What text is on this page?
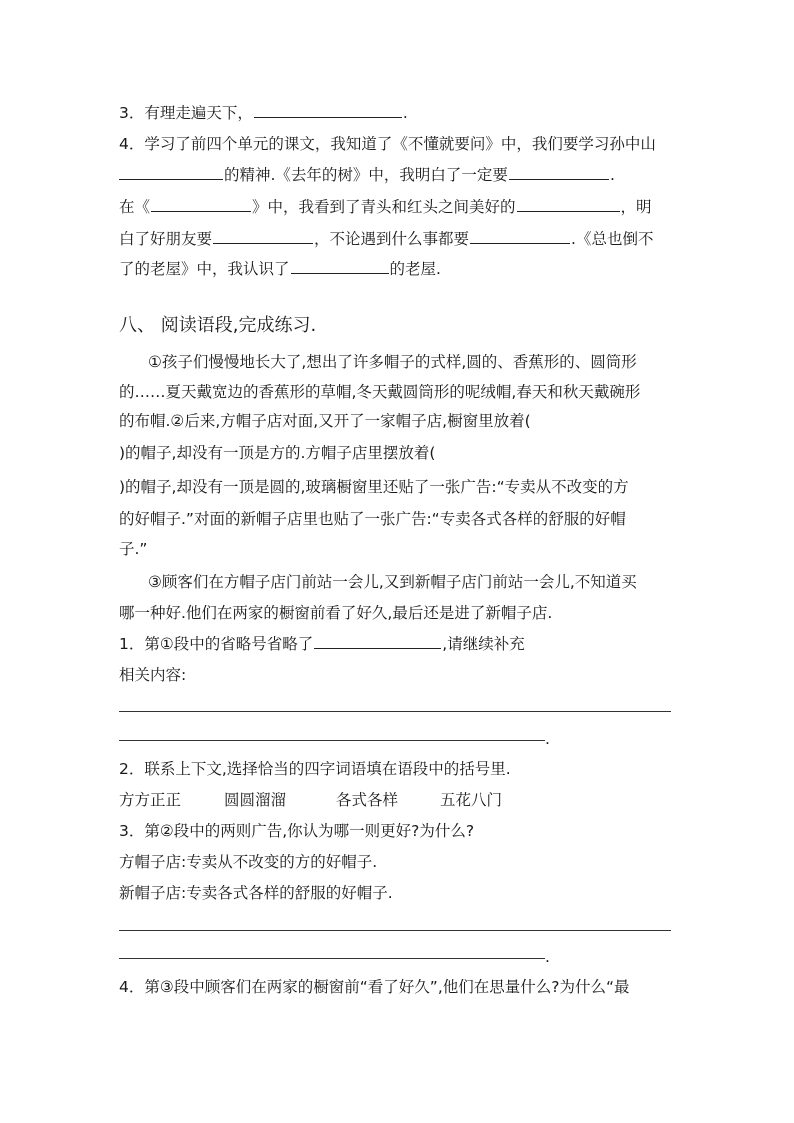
3．有理走遍天下，	.
4．学习了前四个单元的课文，我知道了《不懂就要问》中，我们要学习孙中山
的精神.《去年的树》中，我明白了一定要	.
在《	》中，我看到了青头和红头之间美好的	，明
白了好朋友要	，不论遇到什么事都要	.《总也倒不
了的老屋》中，我认识了	的老屋.
八、 阅读语段,完成练习.
①孩子们慢慢地长大了,想出了许多帽子的式样,圆的、香蕉形的、圆筒形
的……夏天戴宽边的香蕉形的草帽,冬天戴圆筒形的呢绒帽,春天和秋天戴碗形
的布帽.②后来,方帽子店对面,又开了一家帽子店,橱窗里放着(
)的帽子,却没有一顶是方的.方帽子店里摆放着(
)的帽子,却没有一顶是圆的,玻璃橱窗里还贴了一张广告:“专卖从不改变的方
的好帽子.”对面的新帽子店里也贴了一张广告:“专卖各式各样的舒服的好帽
子.”
③顾客们在方帽子店门前站一会儿,又到新帽子店门前站一会儿,不知道买
哪一种好.他们在两家的橱窗前看了好久,最后还是进了新帽子店.
1．第①段中的省略号省略了	,请继续补充
相关内容:
.
2．联系上下文,选择恰当的四字词语填在语段中的括号里.
方方正正	圆圆溜溜	各式各样	五花八门
3．第②段中的两则广告,你认为哪一则更好?为什么?
方帽子店:专卖从不改变的方的好帽子.
新帽子店:专卖各式各样的舒服的好帽子.
.
4．第③段中顾客们在两家的橱窗前“看了好久”,他们在思量什么?为什么“最
